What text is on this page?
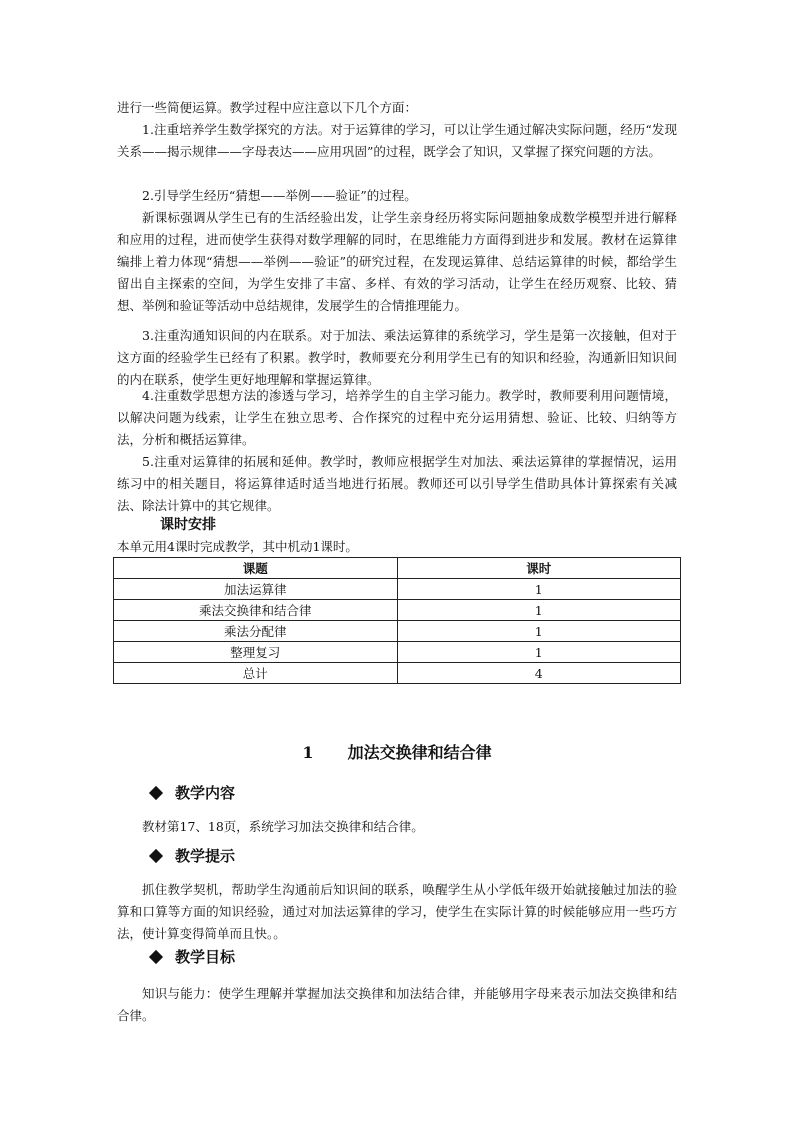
进行一些简便运算。教学过程中应注意以下几个方面：

1.注重培养学生数学探究的方法。对于运算律的学习，可以让学生通过解决实际问题，经历“发现关系——揭示规律——字母表达——应用巩固”的过程，既学会了知识，又掌握了探究问题的方法。

2.引导学生经历“猜想——举例——验证”的过程。

新课标强调从学生已有的生活经验出发，让学生亲身经历将实际问题抽象成数学模型并进行解释和应用的过程，进而使学生获得对数学理解的同时，在思维能力方面得到进步和发展。教材在运算律编排上着力体现“猜想——举例——验证”的研究过程，在发现运算律、总结运算律的时候，都给学生留出自主探索的空间，为学生安排了丰富、多样、有效的学习活动，让学生在经历观察、比较、猜想、举例和验证等活动中总结规律，发展学生的合情推理能力。

3.注重沟通知识间的内在联系。对于加法、乘法运算律的系统学习，学生是第一次接触，但对于这方面的经验学生已经有了积累。教学时，教师要充分利用学生已有的知识和经验，沟通新旧知识间的内在联系，使学生更好地理解和掌握运算律。

4.注重数学思想方法的渗透与学习，培养学生的自主学习能力。教学时，教师要利用问题情境，以解决问题为线索，让学生在独立思考、合作探究的过程中充分运用猜想、验证、比较、归纳等方法，分析和概括运算律。

5.注重对运算律的拓展和延伸。教学时，教师应根据学生对加法、乘法运算律的掌握情况，运用练习中的相关题目，将运算律适时适当地进行拓展。教师还可以引导学生借助具体计算探索有关减法、除法计算中的其它规律。

课时安排

本单元用4课时完成教学，其中机动1课时。

课题	课时
加法运算律	1
乘法交换律和结合律	1
乘法分配律	1
整理复习	1
总计	4

1 加法交换律和结合律

教学内容

教材第17、18页，系统学习加法交换律和结合律。

教学提示

抓住教学契机，帮助学生沟通前后知识间的联系，唤醒学生从小学低年级开始就接触过加法的验算和口算等方面的知识经验，通过对加法运算律的学习，使学生在实际计算的时候能够应用一些巧方法，使计算变得简单而且快。。

教学目标

知识与能力：使学生理解并掌握加法交换律和加法结合律，并能够用字母来表示加法交换律和结合律。
